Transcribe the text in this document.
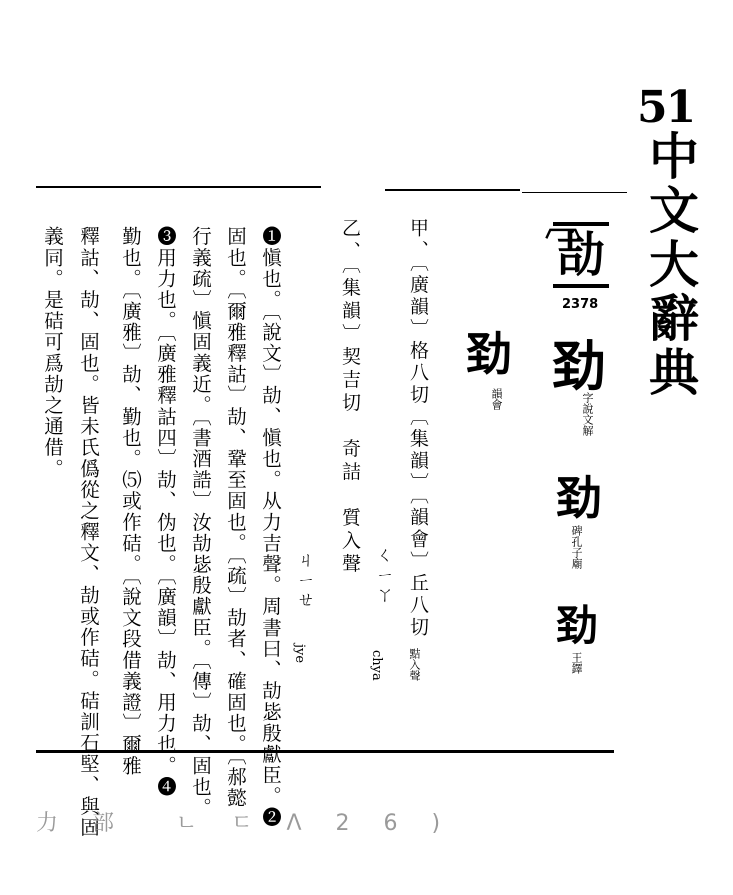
51
中文大辭典
〔
劼
2378
𠡍
字說文解
𠡍
碑孔子廟
𠡍
王鐸
𠡍
韻會
甲、〔廣韻〕格八切〔集韻〕〔韻會〕丘八切
黠入聲
ㄑㄧㄚ
chya
乙、〔集韻〕契吉切　奇詰　質入聲
ㄐㄧㄝ
jye
❶愼也。〔說文〕劼、愼也。从力吉聲。周書曰、劼毖殷獻臣。❷
固也。〔爾雅釋詁〕劼、鞏至固也。〔疏〕劼者、確固也。〔郝懿
行義疏〕愼固義近。〔書酒誥〕汝劼毖殷獻臣。〔傳〕劼、固也。
❸用力也。〔廣雅釋詁四〕劼、伪也。〔廣韻〕劼、用力也。❹
勤也。〔廣雅〕劼、勤也。⑸或作硈。〔說文段借義證〕爾雅
釋詁、劼、固也。皆未氏僞從之釋文、劼或作硈。硈訓石堅、與固
義同。是硈可爲劼之通借。
力　部　　ㄴ　ㄷ　Λ　2　6　)
